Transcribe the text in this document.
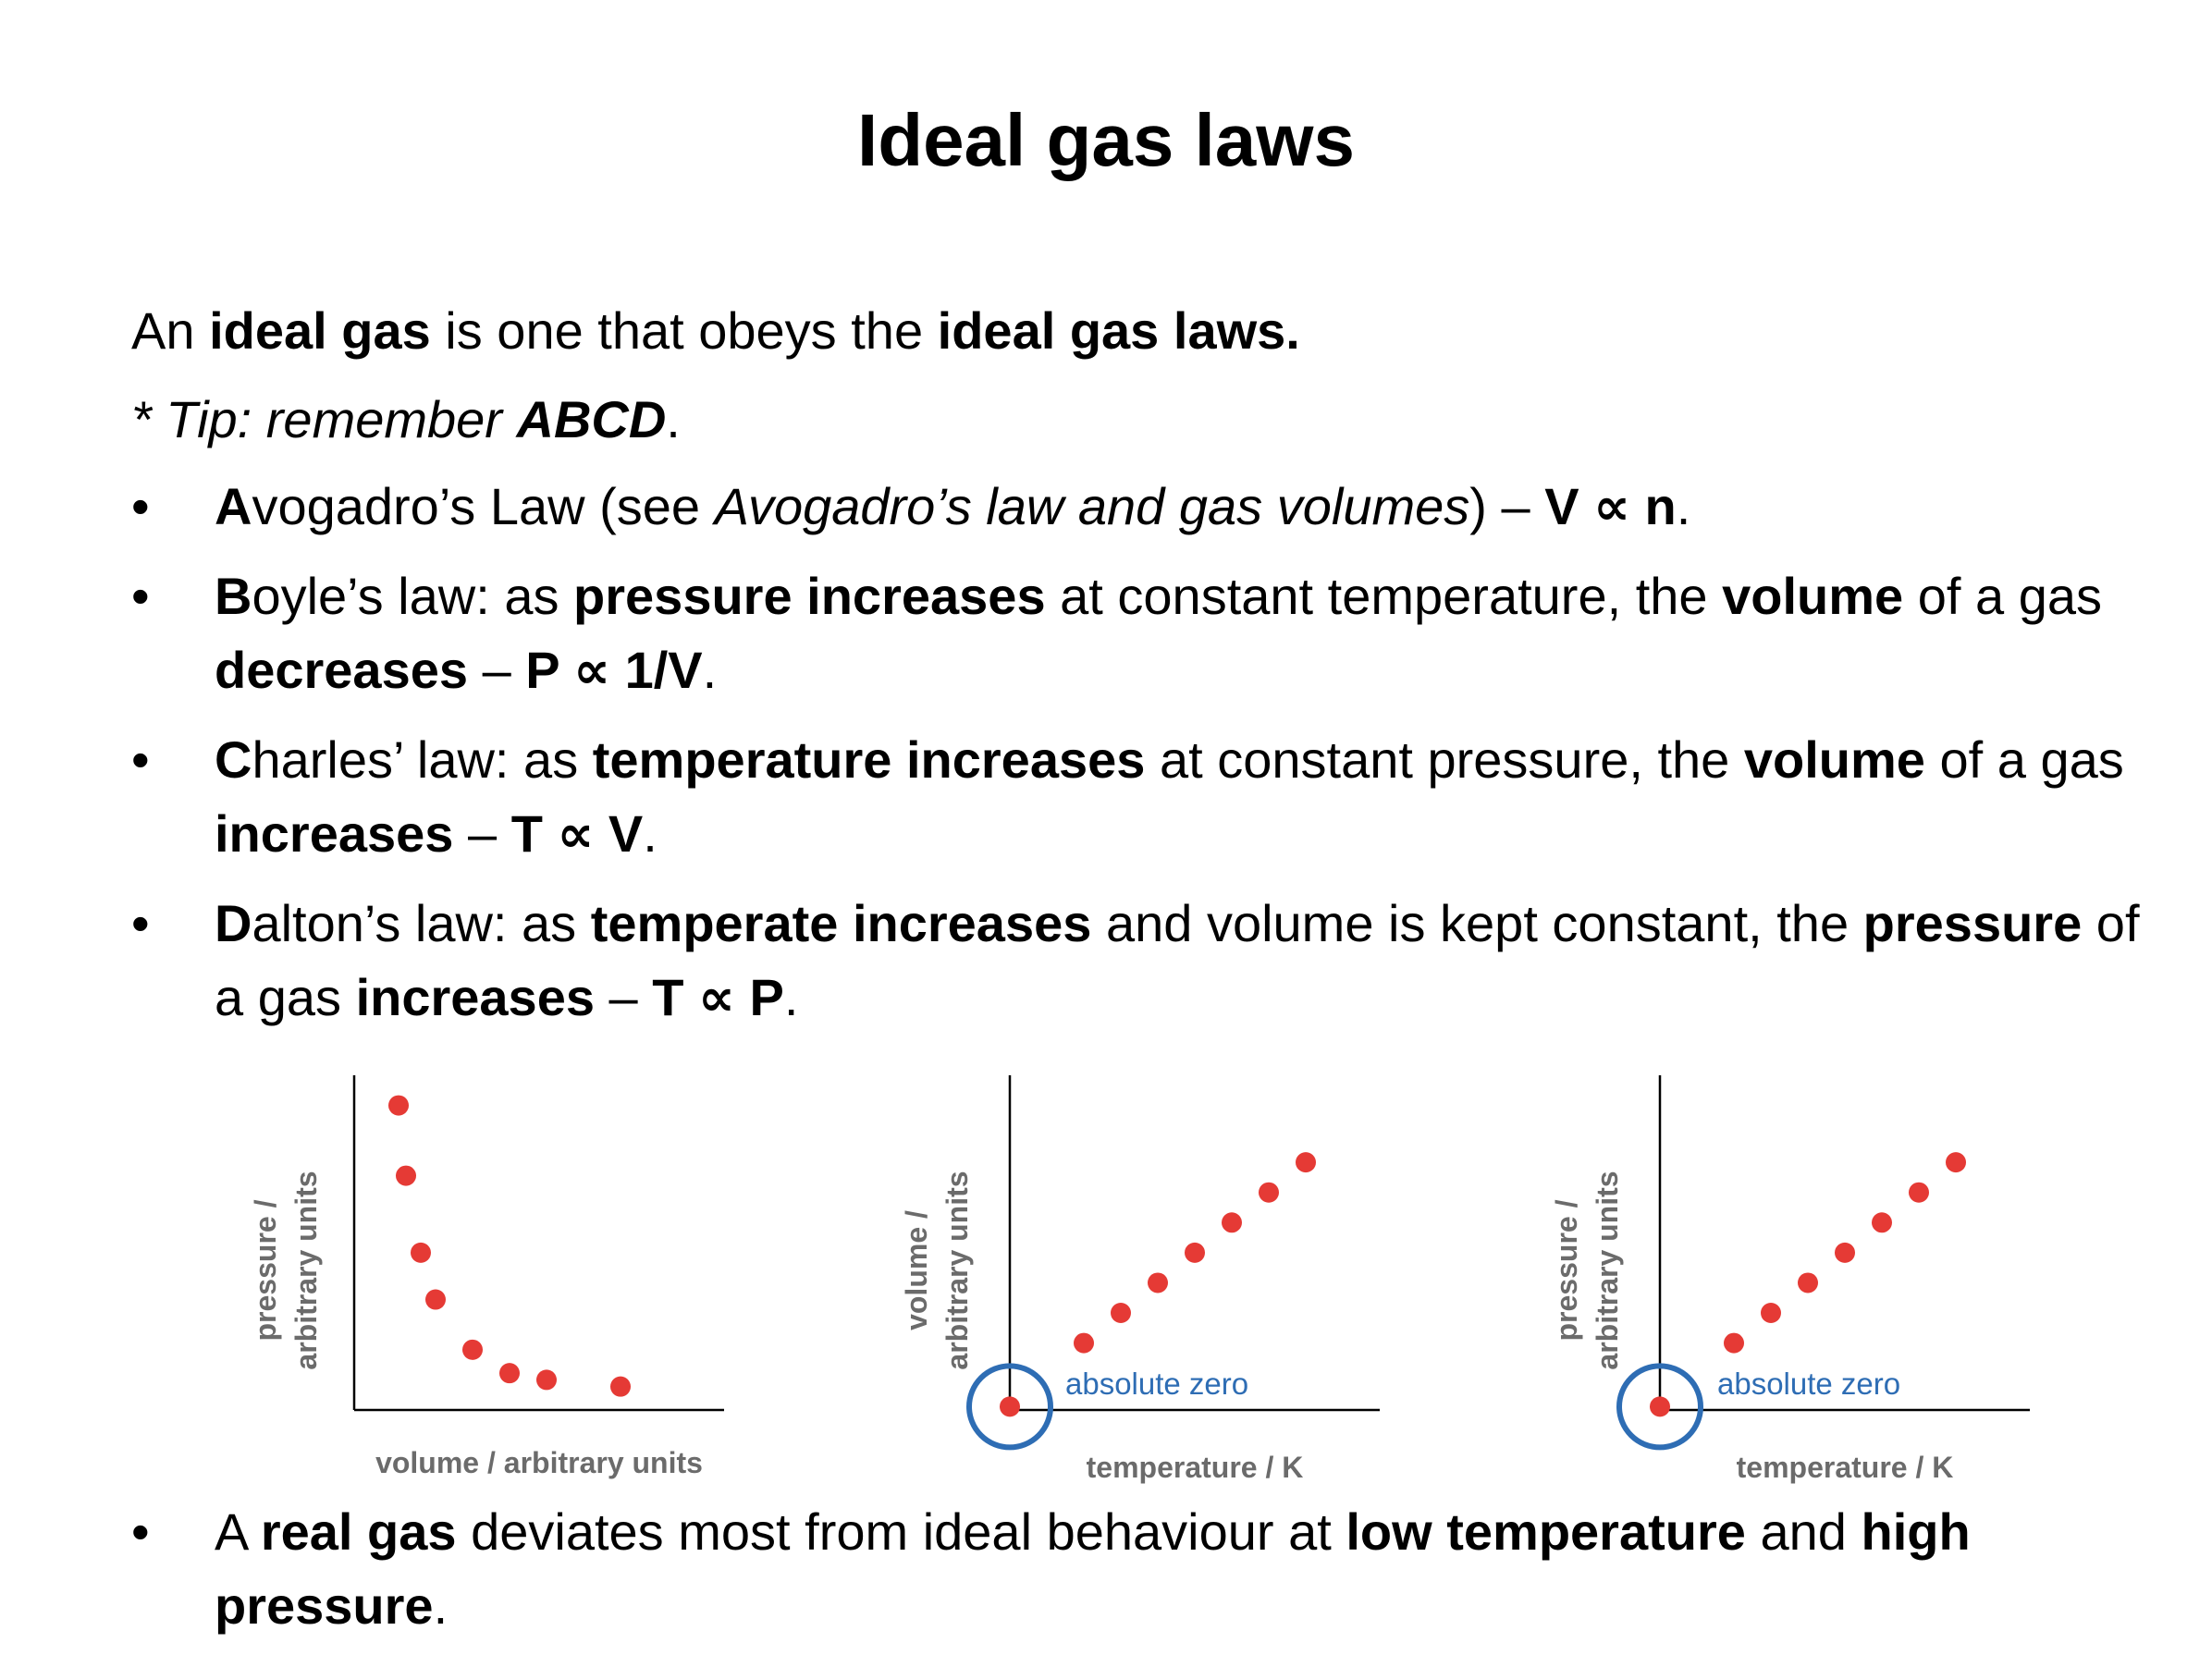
Ideal gas laws
An ideal gas is one that obeys the ideal gas laws.
* Tip: remember ABCD.
• Avogadro’s Law (see Avogadro’s law and gas volumes) – V ∝ n.
• Boyle’s law: as pressure increases at constant temperature, the volume of a gas decreases – P ∝ 1/V.
• Charles’ law: as temperature increases at constant pressure, the volume of a gas increases – T ∝ V.
• Dalton’s law: as temperate increases and volume is kept constant, the pressure of a gas increases – T ∝ P.
volume / arbitrary units
pressure / arbitrary units
absolute zero
temperature / K
volume / arbitrary units
absolute zero
temperature / K
pressure / arbitrary units
• A real gas deviates most from ideal behaviour at low temperature and high pressure.
